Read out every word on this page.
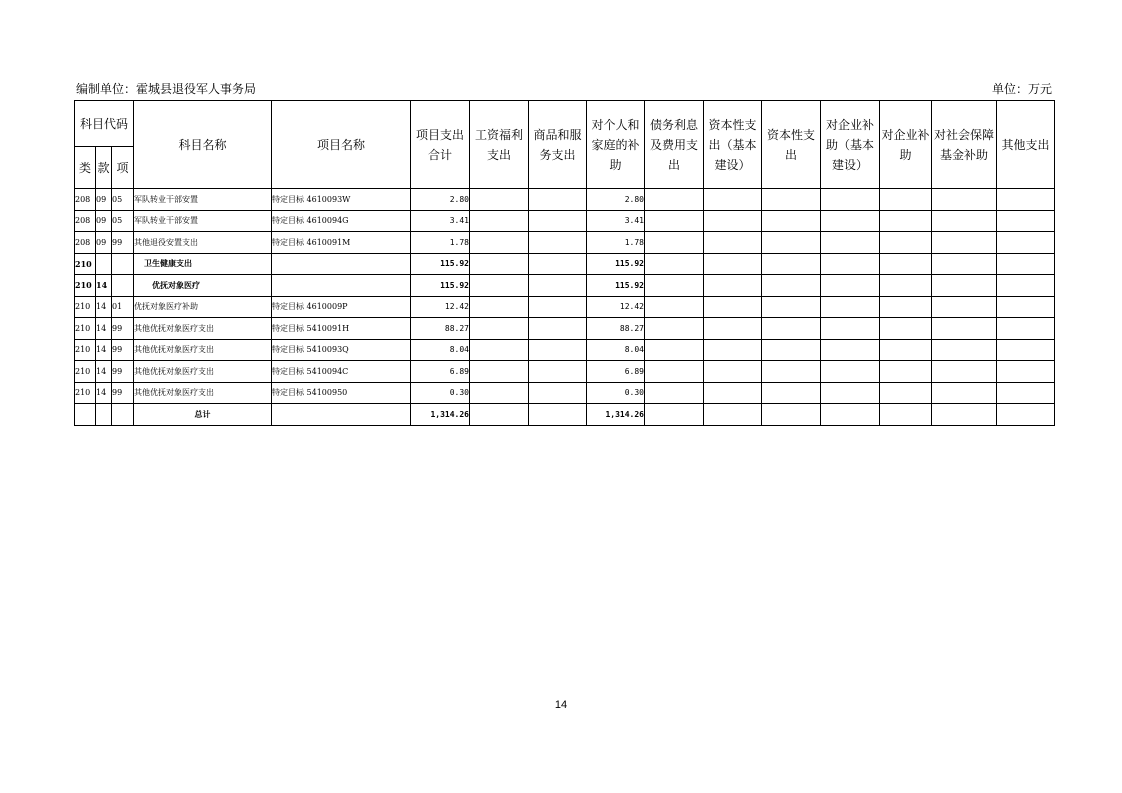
编制单位：霍城县退役军人事务局	单位：万元
科目代码			科目名称	项目名称	项目支出合计	工资福利支出	商品和服务支出	对个人和家庭的补助	债务利息及费用支出	资本性支出（基本建设）	资本性支出	对企业补助（基本建设）	对企业补助	对社会保障基金补助	其他支出
类	款	项													
208	09	05	军队转业干部安置	特定目标 4610093W	2.80			2.80							
208	09	05	军队转业干部安置	特定目标 4610094G	3.41			3.41							
208	09	99	其他退役安置支出	特定目标 4610091M	1.78			1.78							
210			卫生健康支出		115.92			115.92							
210	14		优抚对象医疗		115.92			115.92							
210	14	01	优抚对象医疗补助	特定目标 4610009P	12.42			12.42							
210	14	99	其他优抚对象医疗支出	特定目标 5410091H	88.27			88.27							
210	14	99	其他优抚对象医疗支出	特定目标 5410093Q	8.04			8.04							
210	14	99	其他优抚对象医疗支出	特定目标 5410094C	6.89			6.89							
210	14	99	其他优抚对象医疗支出	特定目标 54100950	0.30			0.30							
			总计		1,314.26			1,314.26							
14
